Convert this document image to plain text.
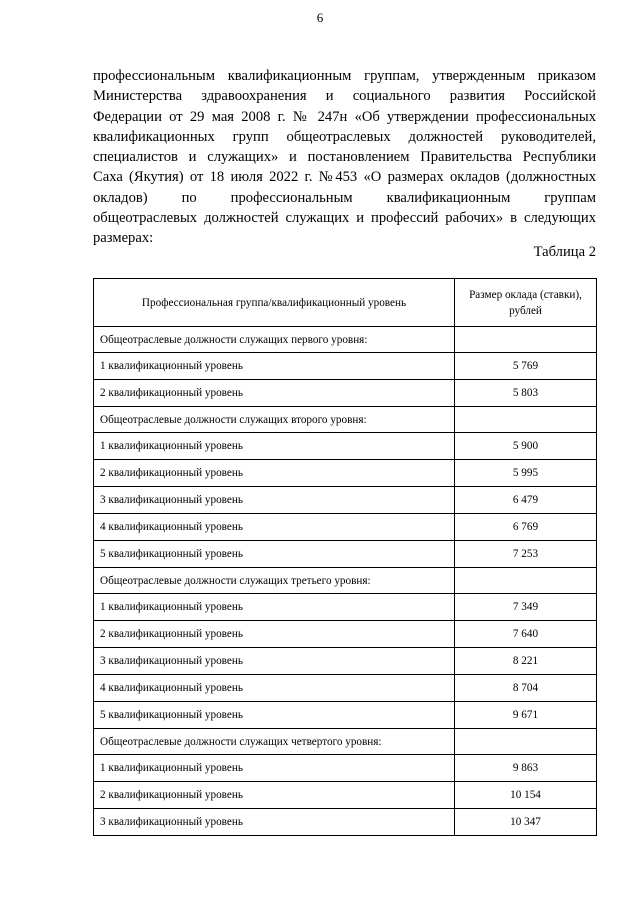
6
профессиональным квалификационным группам, утвержденным приказом
Министерства здравоохранения и социального развития Российской
Федерации от 29 мая 2008 г. № 247н «Об утверждении профессиональных
квалификационных групп общеотраслевых должностей руководителей,
специалистов и служащих» и постановлением Правительства Республики
Саха (Якутия) от 18 июля 2022 г. №453 «О размерах окладов (должностных
окладов) по профессиональным квалификационным группам
общеотраслевых должностей служащих и профессий рабочих» в следующих
размерах:
Таблица 2
Профессиональная группа/квалификационный уровень	Размер оклада (ставки), рублей
Общеотраслевые должности служащих первого уровня:	
1 квалификационный уровень	5 769
2 квалификационный уровень	5 803
Общеотраслевые должности служащих второго уровня:	
1 квалификационный уровень	5 900
2 квалификационный уровень	5 995
3 квалификационный уровень	6 479
4 квалификационный уровень	6 769
5 квалификационный уровень	7 253
Общеотраслевые должности служащих третьего уровня:	
1 квалификационный уровень	7 349
2 квалификационный уровень	7 640
3 квалификационный уровень	8 221
4 квалификационный уровень	8 704
5 квалификационный уровень	9 671
Общеотраслевые должности служащих четвертого уровня:	
1 квалификационный уровень	9 863
2 квалификационный уровень	10 154
3 квалификационный уровень	10 347
